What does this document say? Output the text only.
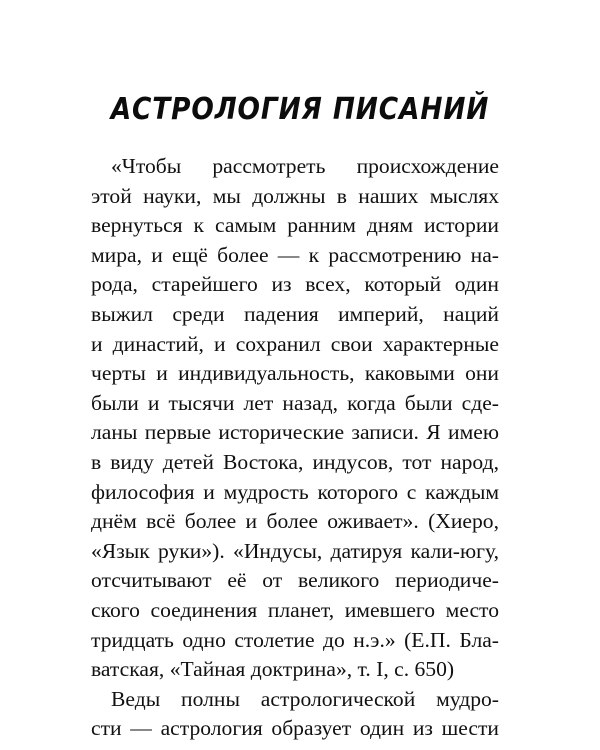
АСТРОЛОГИЯ ПИСАНИЙ
«Чтобы рассмотреть происхождение
этой науки, мы должны в наших мыслях
вернуться к самым ранним дням истории
мира, и ещё более — к рассмотрению на-
рода, старейшего из всех, который один
выжил среди падения империй, наций
и династий, и сохранил свои характерные
черты и индивидуальность, каковыми они
были и тысячи лет назад, когда были сде-
ланы первые исторические записи. Я имею
в виду детей Востока, индусов, тот народ,
философия и мудрость которого с каждым
днём всё более и более оживает». (Хиеро,
«Язык руки»). «Индусы, датируя кали-югу,
отсчитывают её от великого периодиче-
ского соединения планет, имевшего место
тридцать одно столетие до н.э.» (Е.П. Бла-
ватская, «Тайная доктрина», т. I, с. 650)
Веды полны астрологической мудро-
сти — астрология образует один из шести
